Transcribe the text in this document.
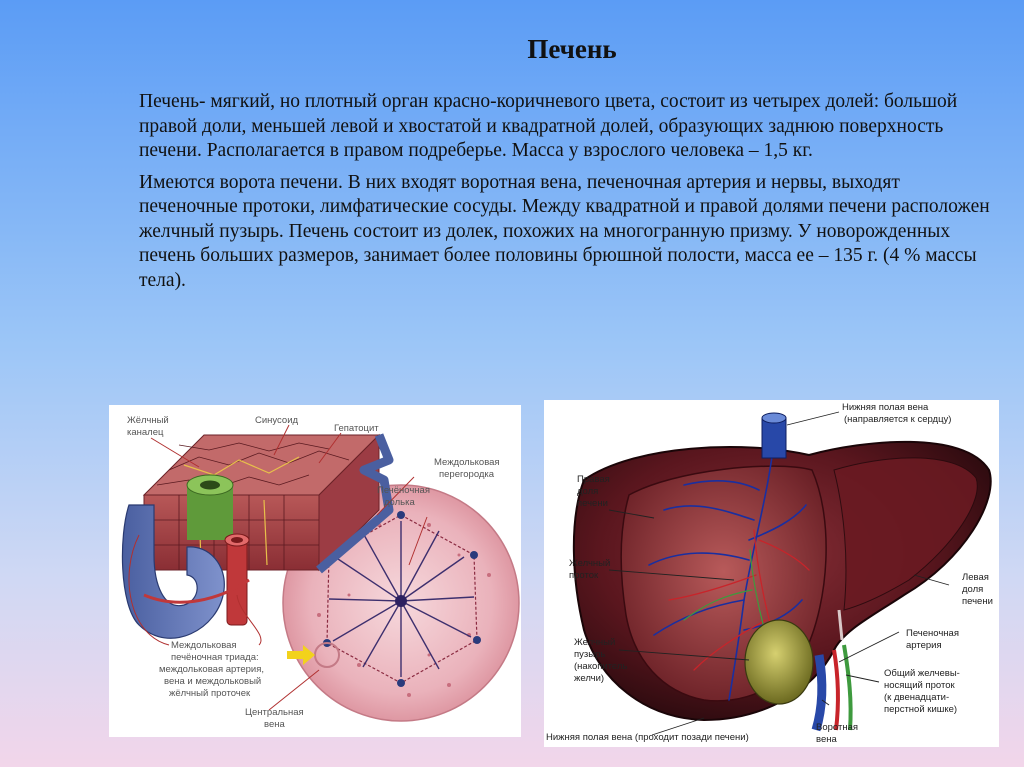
Печень

Печень- мягкий, но плотный орган красно-коричневого цвета, состоит из четырех долей: большой правой доли, меньшей левой и хвостатой и квадратной долей, образующих заднюю поверхность печени. Располагается в правом подреберье. Масса у взрослого человека – 1,5 кг.

Имеются ворота печени. В них входят воротная вена, печеночная артерия и нервы, выходят печеночные протоки, лимфатические сосуды. Между квадратной и правой долями печени расположен желчный пузырь. Печень состоит из долек, похожих на многогранную призму. У новорожденных печень больших размеров, занимает более половины брюшной полости, масса ее – 135 г. (4 % массы тела).

Жёлчный
каналец
Синусоид
Гепатоцит
Междольковая
перегородка
Печёночная
долька
Междольковая
печёночная триада:
междольковая артерия,
вена и междольковый
жёлчный проточек
Центральная
вена
Нижняя полая вена
(направляется к сердцу)
Правая
доля
печени
Желчный
проток	Левая
доля
печени
Желчный
пузырь
(накопитель
желчи)
Печеночная
артерия
Общий желчевы-
носящий проток
(к двенадцати-
перстной кишке)
Воротная
вена
Нижняя полая вена (проходит позади печени)
